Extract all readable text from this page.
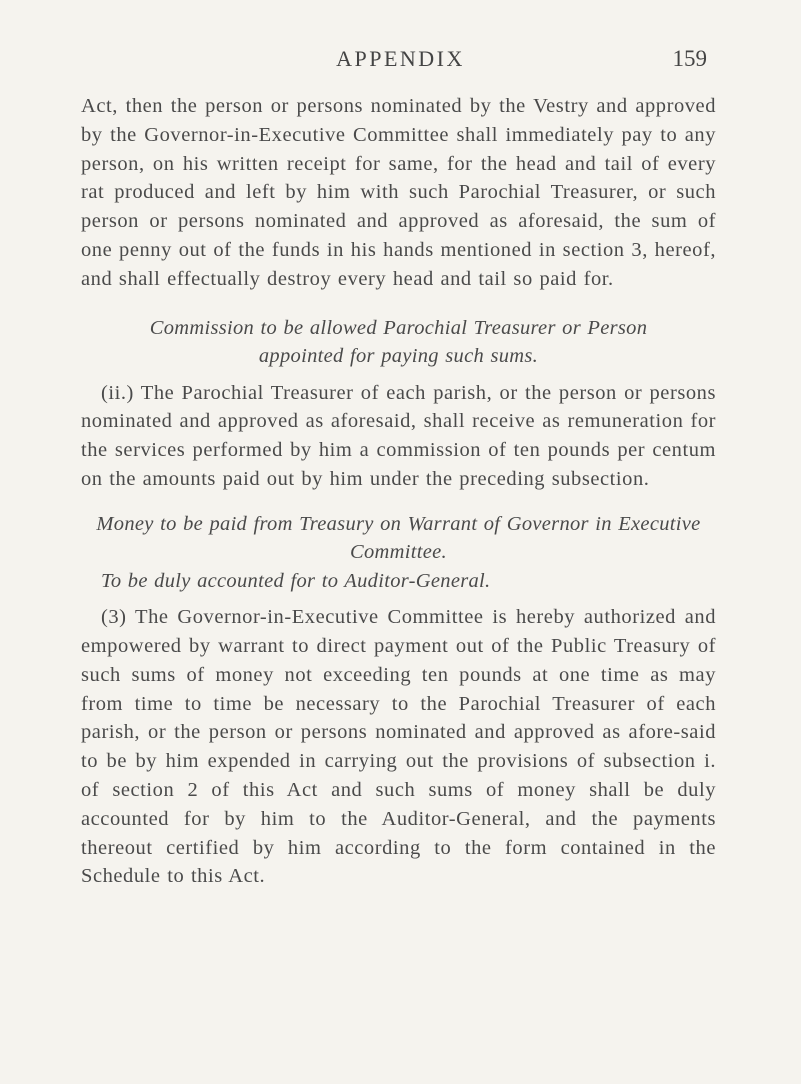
APPENDIX	159

Act, then the person or persons nominated by the Vestry and approved by the Governor-in-Executive Committee shall immediately pay to any person, on his written receipt for same, for the head and tail of every rat produced and left by him with such Parochial Treasurer, or such person or persons nominated and approved as aforesaid, the sum of one penny out of the funds in his hands mentioned in section 3, hereof, and shall effectually destroy every head and tail so paid for.

Commission to be allowed Parochial Treasurer or Person appointed for paying such sums.

(ii.) The Parochial Treasurer of each parish, or the person or persons nominated and approved as aforesaid, shall receive as remuneration for the services performed by him a commission of ten pounds per centum on the amounts paid out by him under the preceding subsection.

Money to be paid from Treasury on Warrant of Governor in Executive Committee.

To be duly accounted for to Auditor-General.

(3) The Governor-in-Executive Committee is hereby authorized and empowered by warrant to direct payment out of the Public Treasury of such sums of money not exceeding ten pounds at one time as may from time to time be necessary to the Parochial Treasurer of each parish, or the person or persons nominated and approved as afore-said to be by him expended in carrying out the provisions of subsection i. of section 2 of this Act and such sums of money shall be duly accounted for by him to the Auditor-General, and the payments thereout certified by him according to the form contained in the Schedule to this Act.
